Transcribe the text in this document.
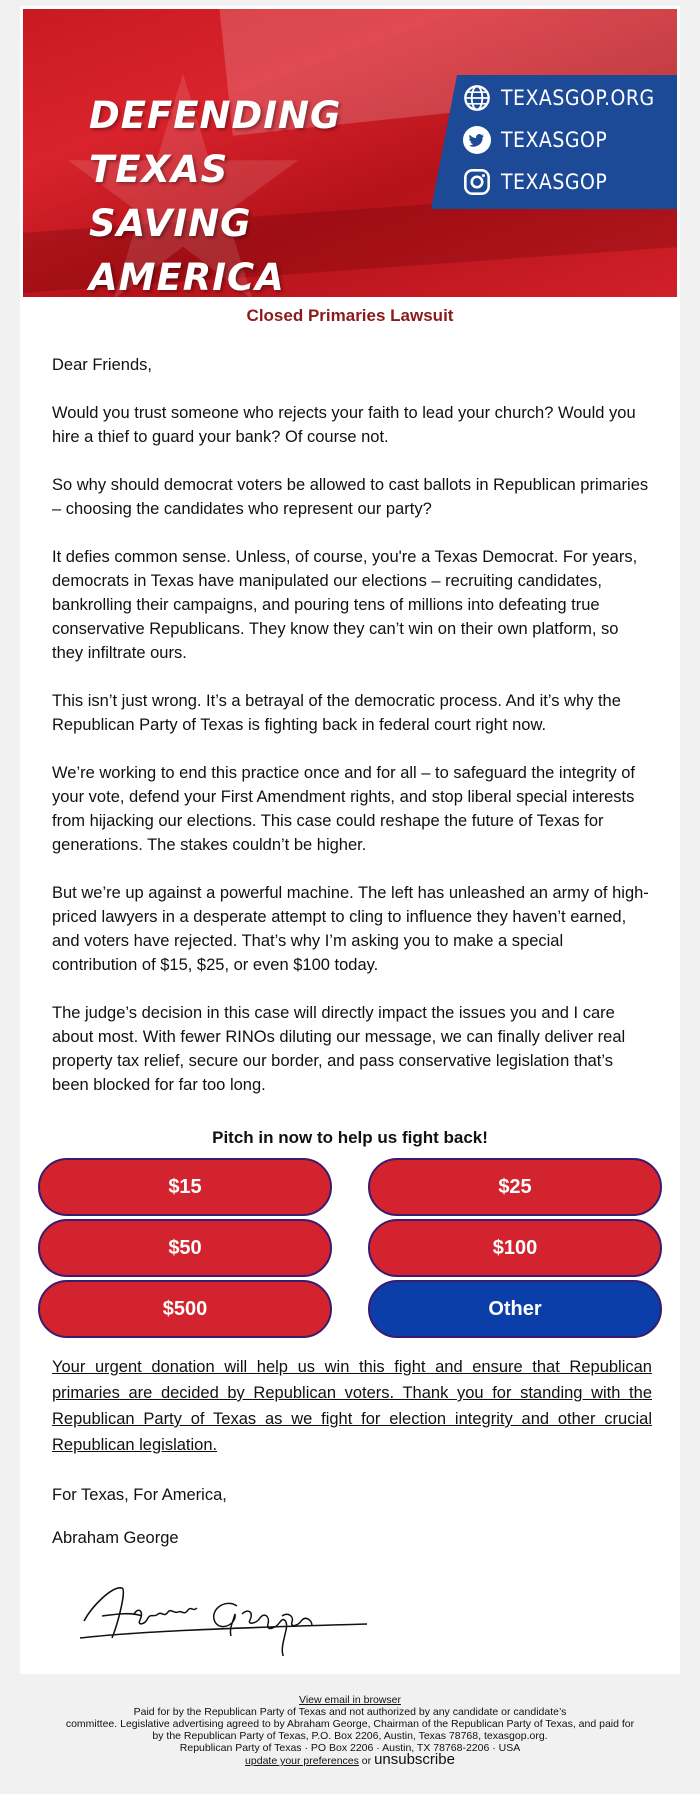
DEFENDING TEXAS
SAVING AMERICA
TEXASGOP.ORG
TEXASGOP
TEXASGOP
Closed Primaries Lawsuit

Dear Friends,

Would you trust someone who rejects your faith to lead your church? Would you hire a thief to guard your bank? Of course not.

So why should democrat voters be allowed to cast ballots in Republican primaries – choosing the candidates who represent our party?

It defies common sense. Unless, of course, you're a Texas Democrat. For years, democrats in Texas have manipulated our elections – recruiting candidates, bankrolling their campaigns, and pouring tens of millions into defeating true conservative Republicans. They know they can’t win on their own platform, so they infiltrate ours.

This isn’t just wrong. It’s a betrayal of the democratic process. And it’s why the Republican Party of Texas is fighting back in federal court right now.

We’re working to end this practice once and for all – to safeguard the integrity of your vote, defend your First Amendment rights, and stop liberal special interests from hijacking our elections. This case could reshape the future of Texas for generations. The stakes couldn’t be higher.

But we’re up against a powerful machine. The left has unleashed an army of high-priced lawyers in a desperate attempt to cling to influence they haven’t earned, and voters have rejected. That’s why I’m asking you to make a special contribution of $15, $25, or even $100 today.

The judge’s decision in this case will directly impact the issues you and I care about most. With fewer RINOs diluting our message, we can finally deliver real property tax relief, secure our border, and pass conservative legislation that’s been blocked for far too long.

Pitch in now to help us fight back!
$15	$25
$50	$100
$500	Other
Your urgent donation will help us win this fight and ensure that Republican primaries are decided by Republican voters. Thank you for standing with the Republican Party of Texas as we fight for election integrity and other crucial Republican legislation.
For Texas, For America,
Abraham George
View email in browser
Paid for by the Republican Party of Texas and not authorized by any candidate or candidate’s
committee. Legislative advertising agreed to by Abraham George, Chairman of the Republican Party of Texas, and paid for
by the Republican Party of Texas, P.O. Box 2206, Austin, Texas 78768, texasgop.org.
Republican Party of Texas · PO Box 2206 · Austin, TX 78768-2206 · USA
update your preferences or unsubscribe
